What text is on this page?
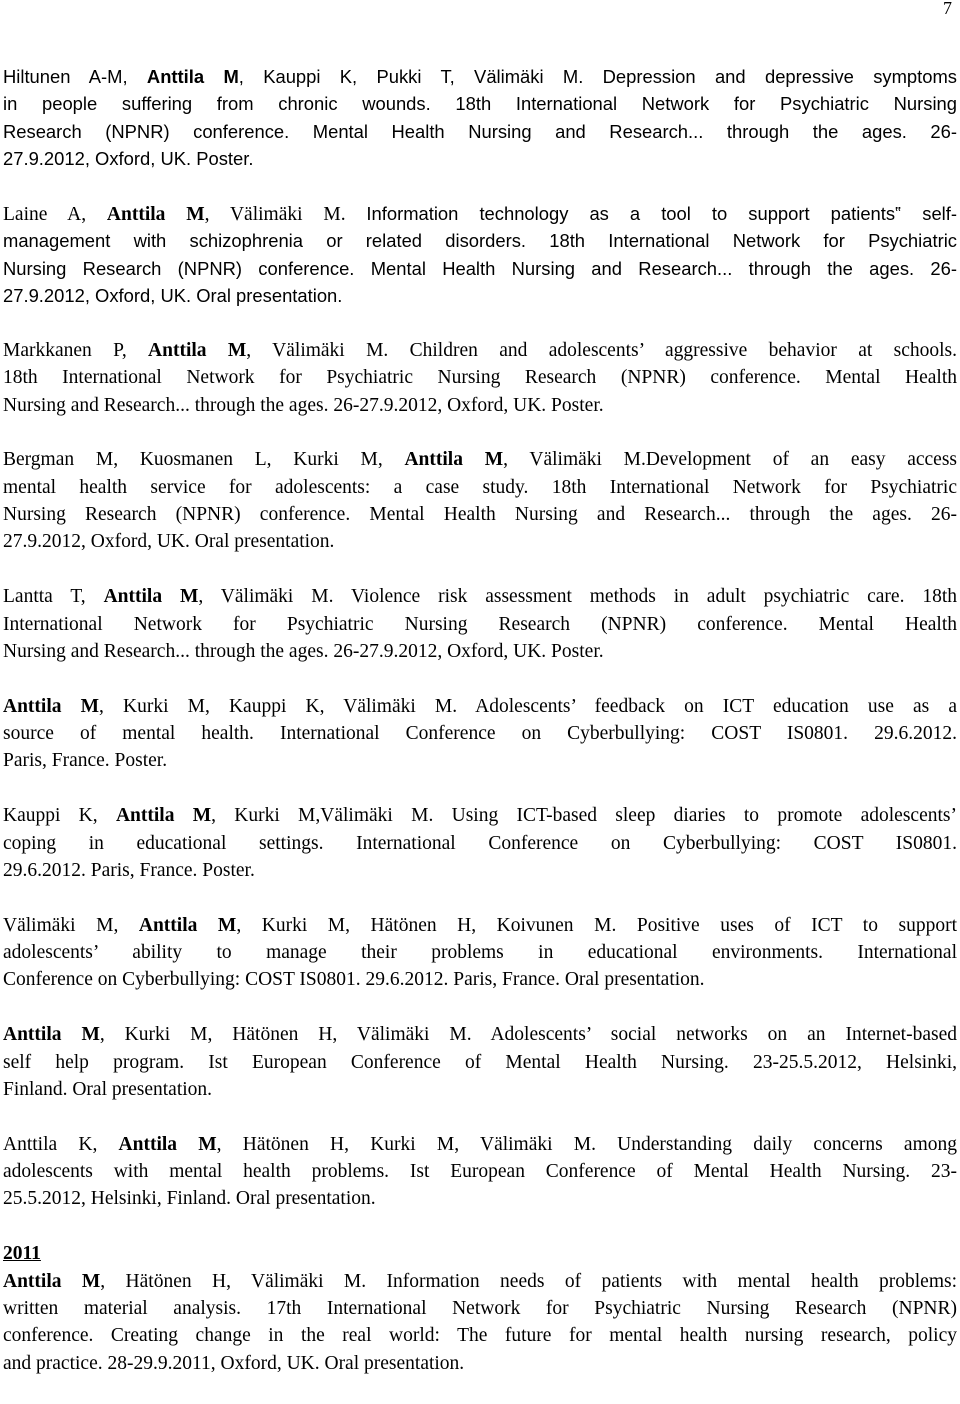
7
Hiltunen A-M, Anttila M, Kauppi K, Pukki T, Välimäki M. Depression and depressive symptoms
in people suffering from chronic wounds. 18th International Network for Psychiatric Nursing
Research (NPNR) conference. Mental Health Nursing and Research... through the ages. 26-
27.9.2012, Oxford, UK. Poster.
Laine A, Anttila M, Välimäki M. Information technology as a tool to support patients‟ self-
management with schizophrenia or related disorders. 18th International Network for Psychiatric
Nursing Research (NPNR) conference. Mental Health Nursing and Research... through the ages. 26-
27.9.2012, Oxford, UK. Oral presentation.
Markkanen P, Anttila M, Välimäki M. Children and adolescents’ aggressive behavior at schools.
18th International Network for Psychiatric Nursing Research (NPNR) conference. Mental Health
Nursing and Research... through the ages. 26-27.9.2012, Oxford, UK. Poster.
Bergman M, Kuosmanen L, Kurki M, Anttila M, Välimäki M.Development of an easy access
mental health service for adolescents: a case study. 18th International Network for Psychiatric
Nursing Research (NPNR) conference. Mental Health Nursing and Research... through the ages. 26-
27.9.2012, Oxford, UK. Oral presentation.
Lantta T, Anttila M, Välimäki M. Violence risk assessment methods in adult psychiatric care. 18th
International Network for Psychiatric Nursing Research (NPNR) conference. Mental Health
Nursing and Research... through the ages. 26-27.9.2012, Oxford, UK. Poster.
Anttila M, Kurki M, Kauppi K, Välimäki M. Adolescents’ feedback on ICT education use as a
source of mental health. International Conference on Cyberbullying: COST IS0801. 29.6.2012.
Paris, France. Poster.
Kauppi K, Anttila M, Kurki M,Välimäki M. Using ICT-based sleep diaries to promote adolescents’
coping in educational settings. International Conference on Cyberbullying: COST IS0801.
29.6.2012. Paris, France. Poster.
Välimäki M, Anttila M, Kurki M, Hätönen H, Koivunen M. Positive uses of ICT to support
adolescents’ ability to manage their problems in educational environments. International
Conference on Cyberbullying: COST IS0801. 29.6.2012. Paris, France. Oral presentation.
Anttila M, Kurki M, Hätönen H, Välimäki M. Adolescents’ social networks on an Internet-based
self help program. Ist European Conference of Mental Health Nursing. 23-25.5.2012, Helsinki,
Finland. Oral presentation.
Anttila K, Anttila M, Hätönen H, Kurki M, Välimäki M. Understanding daily concerns among
adolescents with mental health problems. Ist European Conference of Mental Health Nursing. 23-
25.5.2012, Helsinki, Finland. Oral presentation.
2011
Anttila M, Hätönen H, Välimäki M. Information needs of patients with mental health problems:
written material analysis. 17th International Network for Psychiatric Nursing Research (NPNR)
conference. Creating change in the real world: The future for mental health nursing research, policy
and practice. 28-29.9.2011, Oxford, UK. Oral presentation.
